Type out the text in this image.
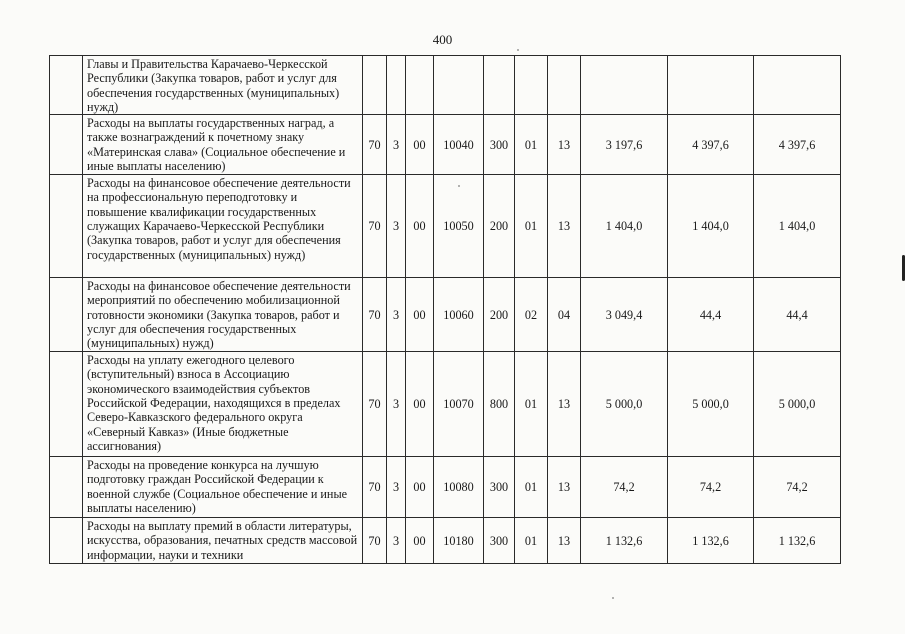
400
	Главы и Правительства Карачаево-Черкесской Республики (Закупка товаров, работ и услуг для обеспечения государственных (муниципальных) нужд)										
	Расходы на выплаты государственных наград, а также вознаграждений к почетному знаку «Материнская слава» (Социальное обеспечение и иные выплаты населению)	70	3	00	10040	300	01	13	3 197,6	4 397,6	4 397,6
	Расходы на финансовое обеспечение деятельности на профессиональную переподготовку и повышение квалификации государственных служащих Карачаево-Черкесской Республики (Закупка товаров, работ и услуг для обеспечения государственных (муниципальных) нужд)	70	3	00	10050	200	01	13	1 404,0	1 404,0	1 404,0
	Расходы на финансовое обеспечение деятельности мероприятий по обеспечению мобилизационной готовности экономики (Закупка товаров, работ и услуг для обеспечения государственных (муниципальных) нужд)	70	3	00	10060	200	02	04	3 049,4	44,4	44,4
	Расходы на уплату ежегодного целевого (вступительный) взноса в Ассоциацию экономического взаимодействия субъектов Российской Федерации, находящихся в пределах Северо-Кавказского федерального округа «Северный Кавказ» (Иные бюджетные ассигнования)	70	3	00	10070	800	01	13	5 000,0	5 000,0	5 000,0
	Расходы на проведение конкурса на лучшую подготовку граждан Российской Федерации к военной службе (Социальное обеспечение и иные выплаты населению)	70	3	00	10080	300	01	13	74,2	74,2	74,2
	Расходы на выплату премий в области литературы, искусства, образования, печатных средств массовой информации, науки и техники	70	3	00	10180	300	01	13	1 132,6	1 132,6	1 132,6
